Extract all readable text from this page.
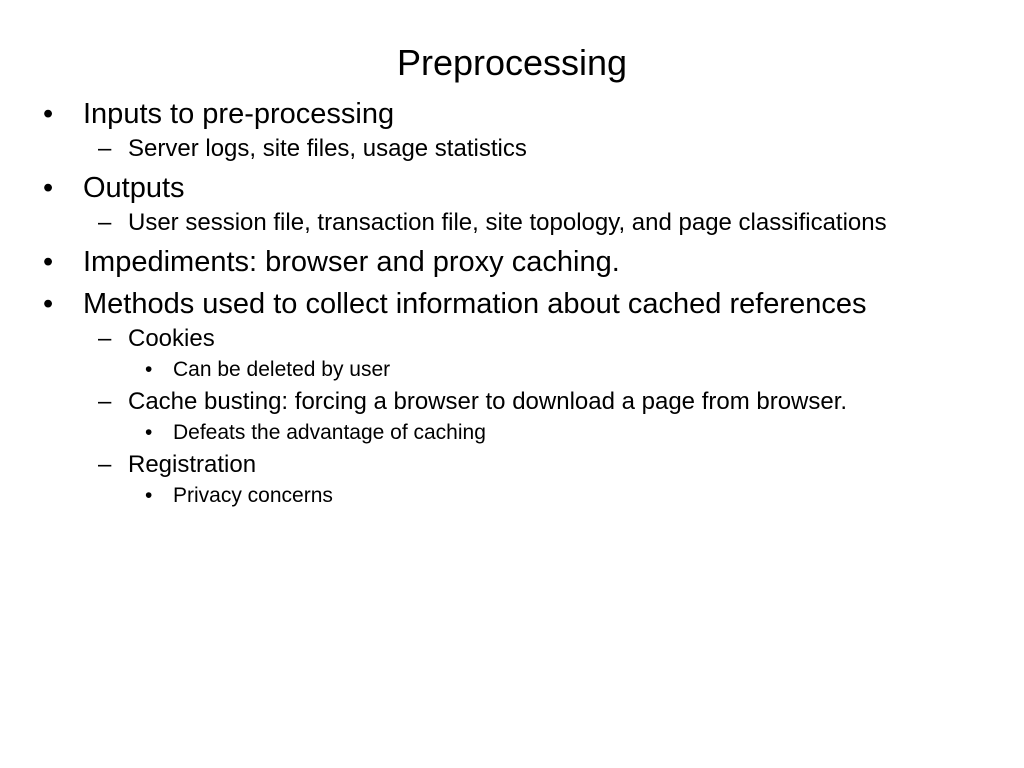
Preprocessing
• Inputs to pre-processing
– Server logs, site files, usage statistics
• Outputs
– User session file, transaction file, site topology, and page classifications
• Impediments: browser and proxy caching.
• Methods used to collect information about cached references
– Cookies
• Can be deleted by user
– Cache busting: forcing a browser to download a page from browser.
• Defeats the advantage of caching
– Registration
• Privacy concerns
